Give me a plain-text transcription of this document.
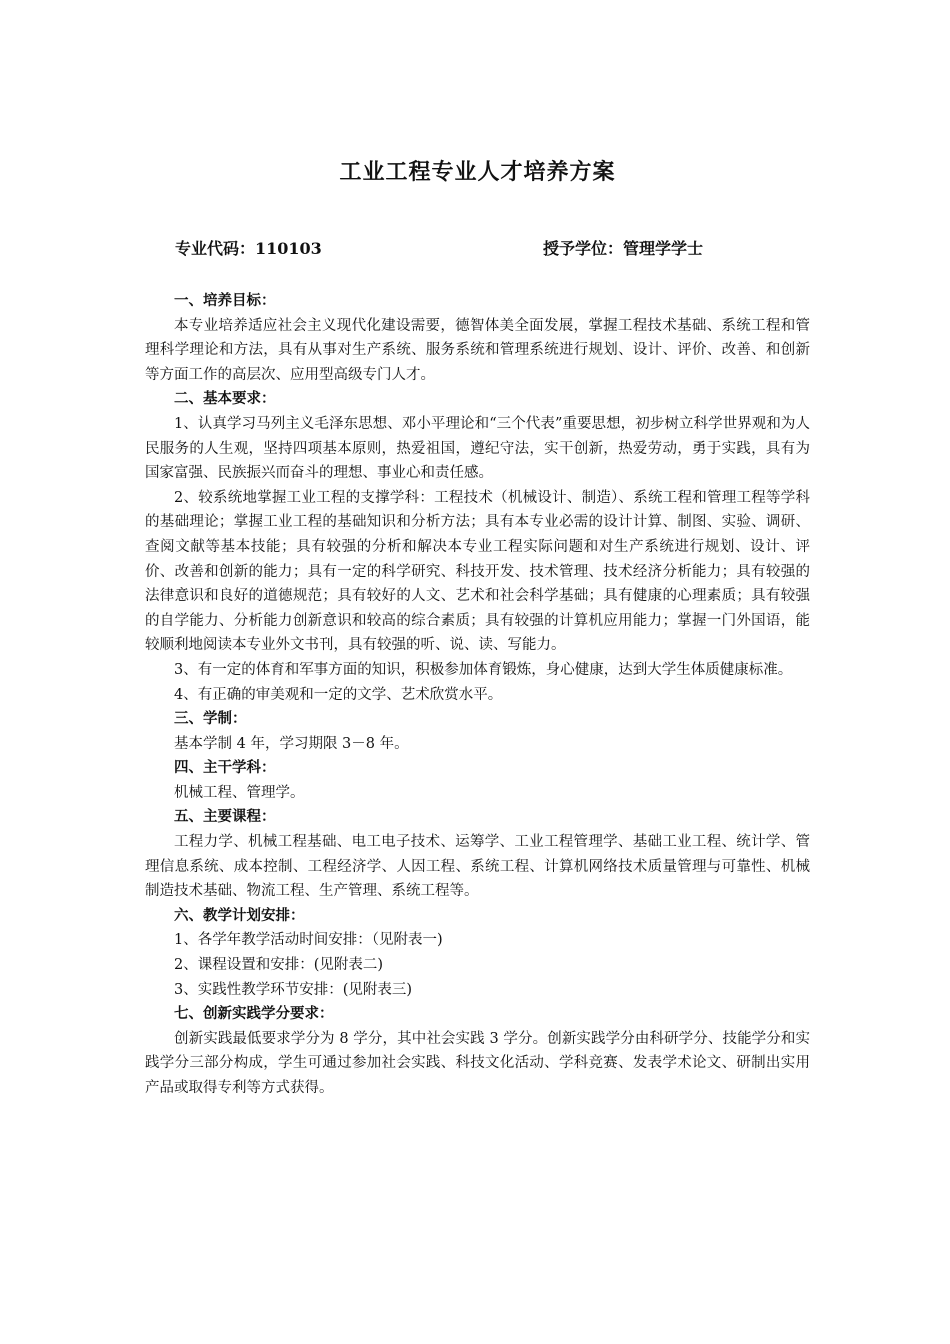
工业工程专业人才培养方案
专业代码：110103	授予学位：管理学学士

一、培养目标：

本专业培养适应社会主义现代化建设需要，德智体美全面发展，掌握工程技术基础、系统工程和管理科学理论和方法，具有从事对生产系统、服务系统和管理系统进行规划、设计、评价、改善、和创新等方面工作的高层次、应用型高级专门人才。

二、基本要求：

1、认真学习马列主义毛泽东思想、邓小平理论和“三个代表”重要思想，初步树立科学世界观和为人民服务的人生观，坚持四项基本原则，热爱祖国，遵纪守法，实干创新，热爱劳动，勇于实践，具有为国家富强、民族振兴而奋斗的理想、事业心和责任感。

2、较系统地掌握工业工程的支撑学科：工程技术（机械设计、制造）、系统工程和管理工程等学科的基础理论；掌握工业工程的基础知识和分析方法；具有本专业必需的设计计算、制图、实验、调研、查阅文献等基本技能；具有较强的分析和解决本专业工程实际问题和对生产系统进行规划、设计、评价、改善和创新的能力；具有一定的科学研究、科技开发、技术管理、技术经济分析能力；具有较强的法律意识和良好的道德规范；具有较好的人文、艺术和社会科学基础；具有健康的心理素质；具有较强的自学能力、分析能力创新意识和较高的综合素质；具有较强的计算机应用能力；掌握一门外国语，能较顺利地阅读本专业外文书刊，具有较强的听、说、读、写能力。

3、有一定的体育和军事方面的知识，积极参加体育锻炼，身心健康，达到大学生体质健康标准。

4、有正确的审美观和一定的文学、艺术欣赏水平。

三、学制：

基本学制 4 年，学习期限 3－8 年。

四、主干学科：

机械工程、管理学。

五、主要课程：

工程力学、机械工程基础、电工电子技术、运筹学、工业工程管理学、基础工业工程、统计学、管理信息系统、成本控制、工程经济学、人因工程、系统工程、计算机网络技术质量管理与可靠性、机械制造技术基础、物流工程、生产管理、系统工程等。

六、教学计划安排：

1、各学年教学活动时间安排：（见附表一)

2、课程设置和安排：(见附表二)

3、实践性教学环节安排：(见附表三)

七、创新实践学分要求：

创新实践最低要求学分为 8 学分，其中社会实践 3 学分。创新实践学分由科研学分、技能学分和实践学分三部分构成，学生可通过参加社会实践、科技文化活动、学科竞赛、发表学术论文、研制出实用产品或取得专利等方式获得。
